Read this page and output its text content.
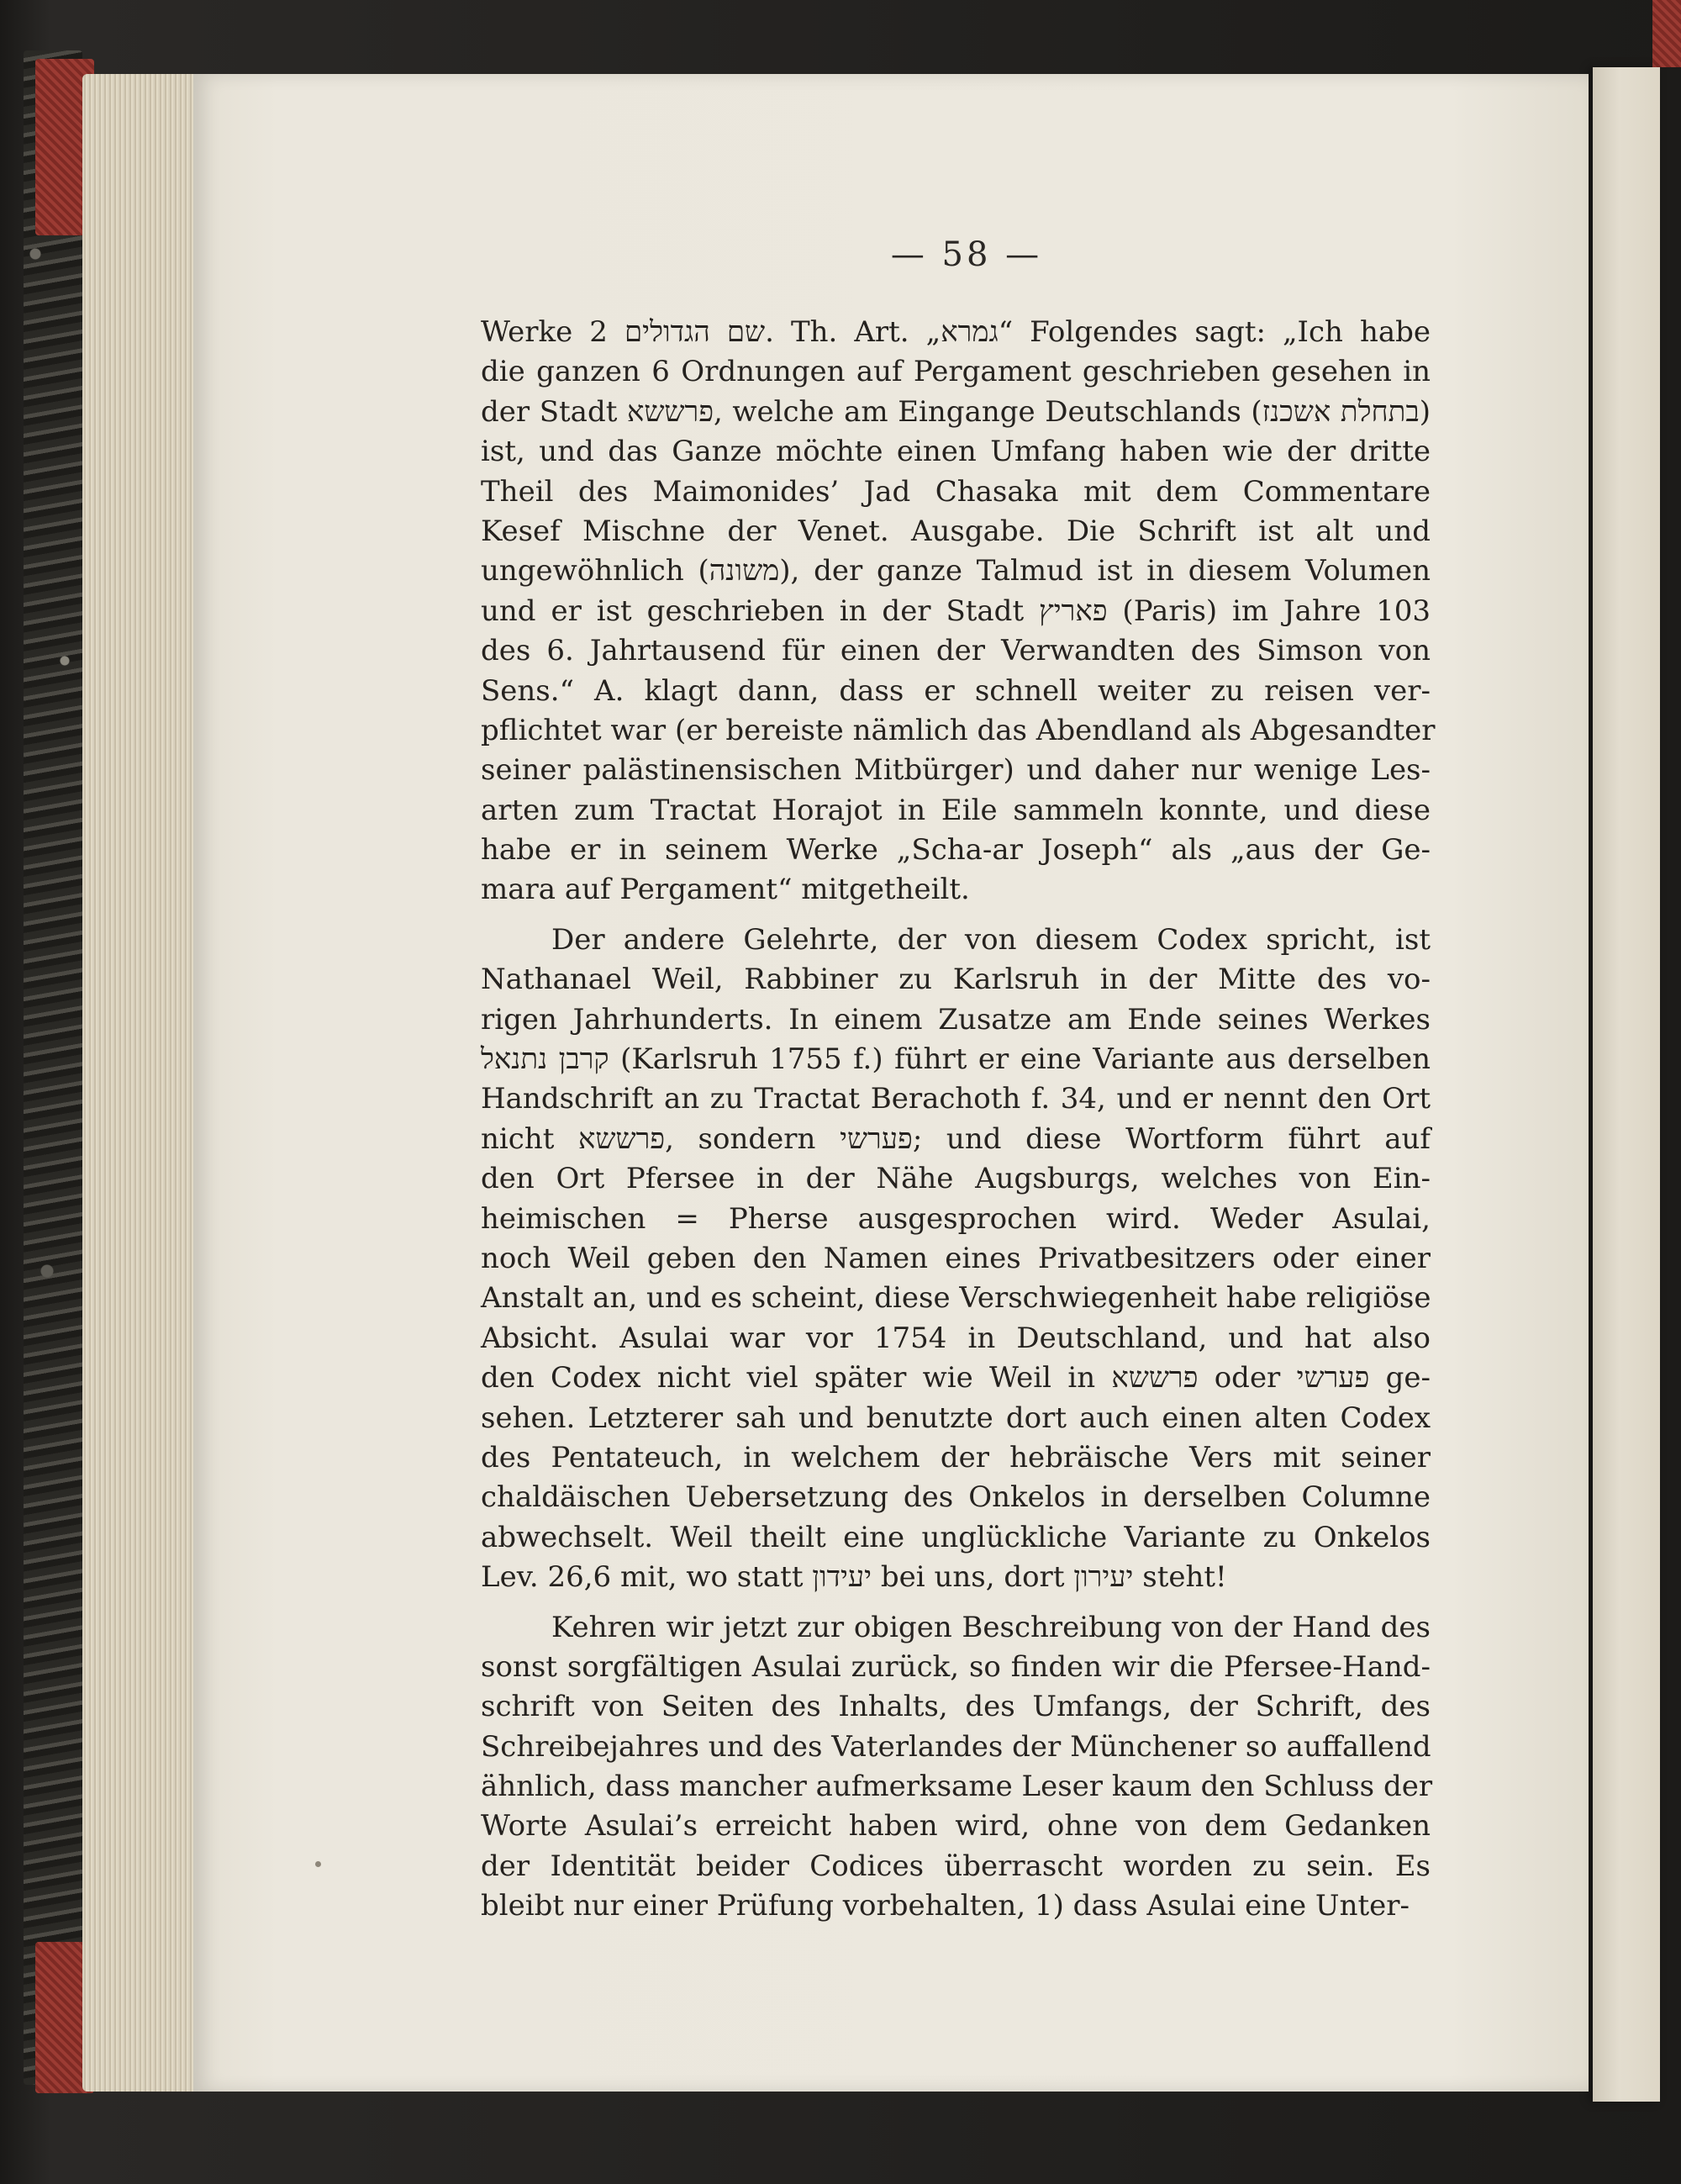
— 58 —
Werke שם הגדולים 2. Th. Art. „גמרא“ Folgendes sagt: „Ich habe
die ganzen 6 Ordnungen auf Pergament geschrieben gesehen in
der Stadt פרששא, welche am Eingange Deutschlands (בתחלת אשכנז)
ist, und das Ganze möchte einen Umfang haben wie der dritte
Theil des Maimonides’ Jad Chasaka mit dem Commentare
Kesef Mischne der Venet. Ausgabe. Die Schrift ist alt und
ungewöhnlich (משונה), der ganze Talmud ist in diesem Volumen
und er ist geschrieben in der Stadt פאריץ (Paris) im Jahre 103
des 6. Jahrtausend für einen der Verwandten des Simson von
Sens.“ A. klagt dann, dass er schnell weiter zu reisen ver-
pflichtet war (er bereiste nämlich das Abendland als Abgesandter
seiner palästinensischen Mitbürger) und daher nur wenige Les-
arten zum Tractat Horajot in Eile sammeln konnte, und diese
habe er in seinem Werke „Scha-ar Joseph“ als „aus der Ge-
mara auf Pergament“ mitgetheilt.
Der andere Gelehrte, der von diesem Codex spricht, ist
Nathanael Weil, Rabbiner zu Karlsruh in der Mitte des vo-
rigen Jahrhunderts. In einem Zusatze am Ende seines Werkes
קרבן נתנאל (Karlsruh 1755 f.) führt er eine Variante aus derselben
Handschrift an zu Tractat Berachoth f. 34, und er nennt den Ort
nicht פרששא, sondern פערשי; und diese Wortform führt auf
den Ort Pfersee in der Nähe Augsburgs, welches von Ein-
heimischen = Pherse ausgesprochen wird. Weder Asulai,
noch Weil geben den Namen eines Privatbesitzers oder einer
Anstalt an, und es scheint, diese Verschwiegenheit habe religiöse
Absicht. Asulai war vor 1754 in Deutschland, und hat also
den Codex nicht viel später wie Weil in פרששא oder פערשי ge-
sehen. Letzterer sah und benutzte dort auch einen alten Codex
des Pentateuch, in welchem der hebräische Vers mit seiner
chaldäischen Uebersetzung des Onkelos in derselben Columne
abwechselt. Weil theilt eine unglückliche Variante zu Onkelos
Lev. 26,6 mit, wo statt יעידון bei uns, dort יעירון steht!
Kehren wir jetzt zur obigen Beschreibung von der Hand des
sonst sorgfältigen Asulai zurück, so finden wir die Pfersee-Hand-
schrift von Seiten des Inhalts, des Umfangs, der Schrift, des
Schreibejahres und des Vaterlandes der Münchener so auffallend
ähnlich, dass mancher aufmerksame Leser kaum den Schluss der
Worte Asulai’s erreicht haben wird, ohne von dem Gedanken
der Identität beider Codices überrascht worden zu sein. Es
bleibt nur einer Prüfung vorbehalten, 1) dass Asulai eine Unter-
